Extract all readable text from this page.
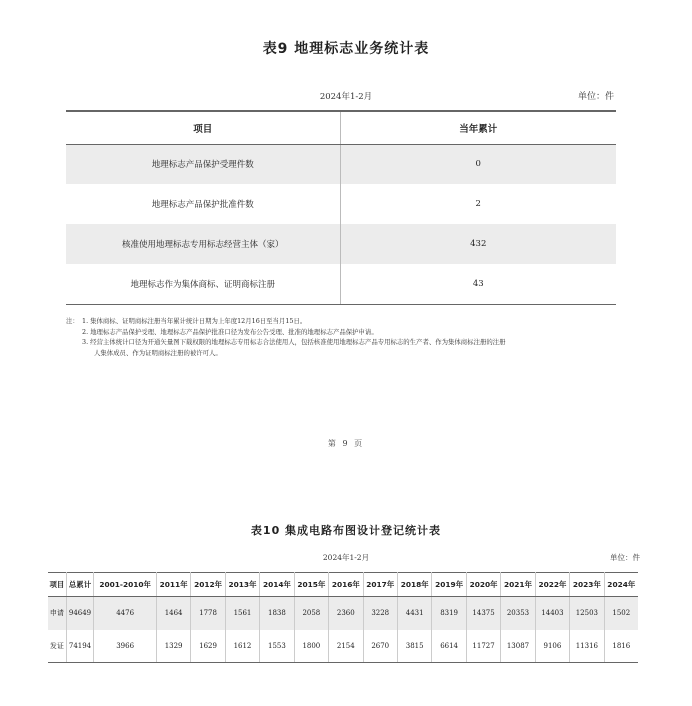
表9 地理标志业务统计表
2024年1-2月	单位：件
项目	当年累计
地理标志产品保护受理件数	0
地理标志产品保护批准件数	2
核准使用地理标志专用标志经营主体（家）	432
地理标志作为集体商标、证明商标注册	43
注： 1. 集体商标、证明商标注册当年累计统计日期为上年度12月16日至当月15日。
2. 地理标志产品保护受理、地理标志产品保护批准口径为发布公告受理、批准的地理标志产品保护申请。
3. 经营主体统计口径为开通矢量图下载权限的地理标志专用标志合法使用人，包括核准使用地理标志产品专用标志的生产者、作为集体商标注册的注册
人集体成员、作为证明商标注册的被许可人。
第 9 页
表10 集成电路布图设计登记统计表
2024年1-2月	单位：件
项目	总累计	2001-2010年	2011年	2012年	2013年	2014年	2015年	2016年	2017年	2018年	2019年	2020年	2021年	2022年	2023年	2024年
申请	94649	4476	1464	1778	1561	1838	2058	2360	3228	4431	8319	14375	20353	14403	12503	1502
发证	74194	3966	1329	1629	1612	1553	1800	2154	2670	3815	6614	11727	13087	9106	11316	1816
